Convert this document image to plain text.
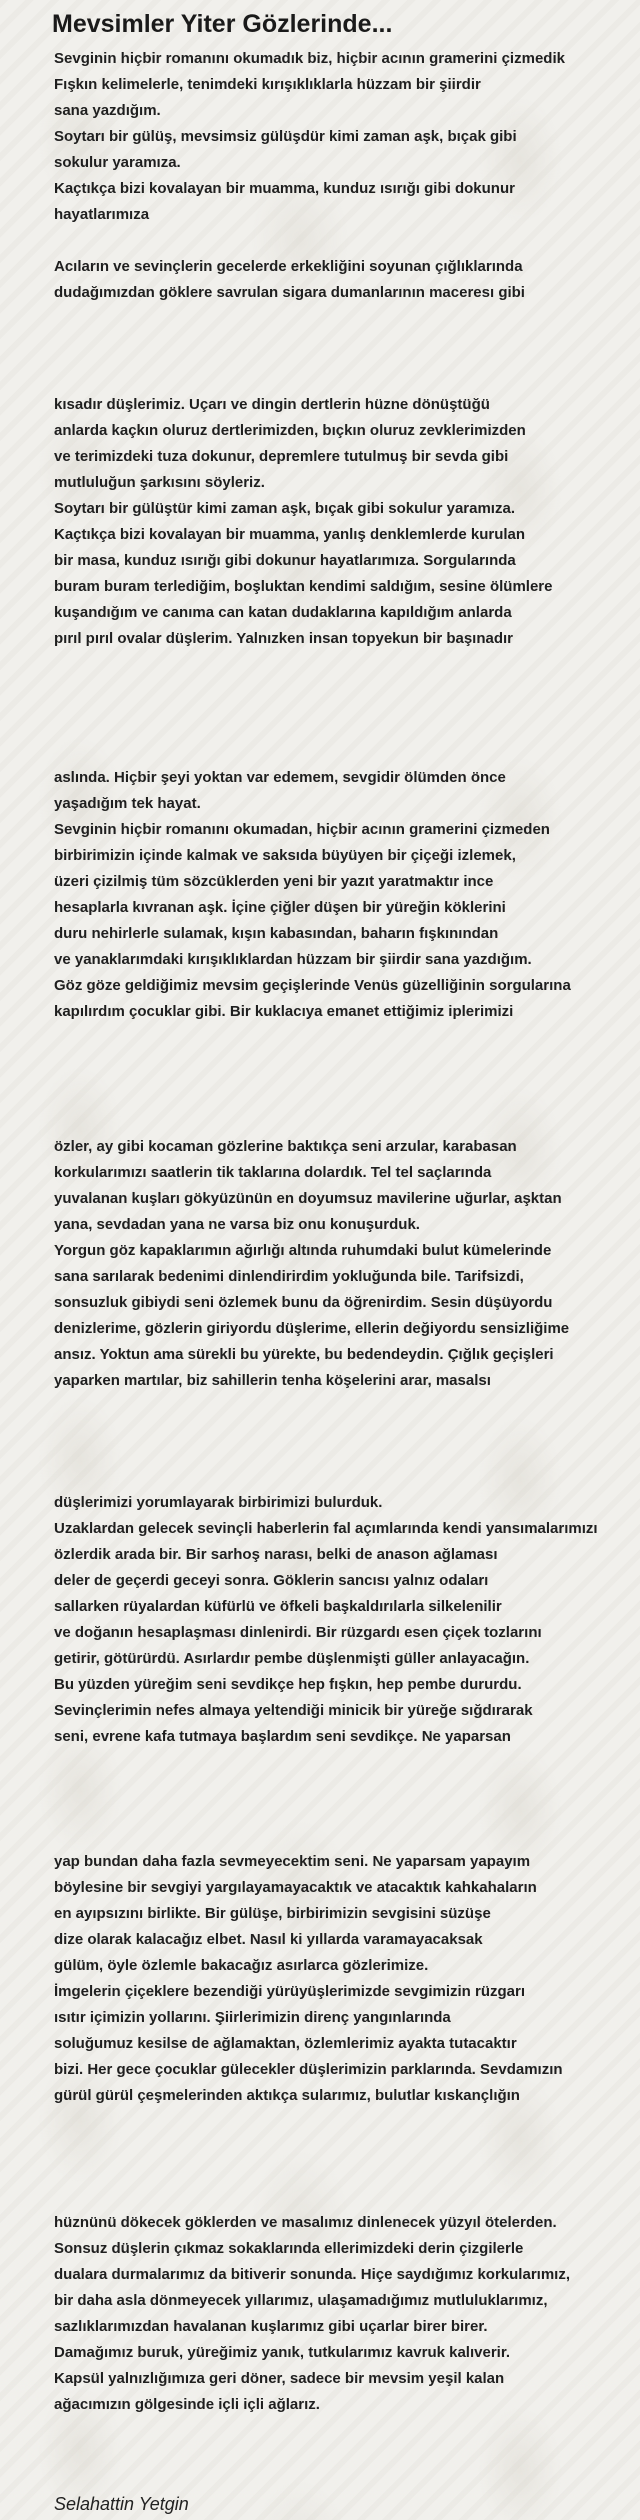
Mevsimler Yiter Gözlerinde...
Sevginin hiçbir romanını okumadık biz, hiçbir acının gramerini çizmedik
Fışkın kelimelerle, tenimdeki kırışıklıklarla hüzzam bir şiirdir
sana yazdığım.
Soytarı bir gülüş, mevsimsiz gülüşdür kimi zaman aşk, bıçak gibi
sokulur yaramıza.
Kaçtıkça bizi kovalayan bir muamma, kunduz ısırığı gibi dokunur
hayatlarımıza
Acıların ve sevinçlerin gecelerde erkekliğini soyunan çığlıklarında
dudağımızdan göklere savrulan sigara dumanlarının maceresı gibi
kısadır düşlerimiz. Uçarı ve dingin dertlerin hüzne dönüştüğü
anlarda kaçkın oluruz dertlerimizden, bıçkın oluruz zevklerimizden
ve terimizdeki tuza dokunur, depremlere tutulmuş bir sevda gibi
mutluluğun şarkısını söyleriz.
Soytarı bir gülüştür kimi zaman aşk, bıçak gibi sokulur yaramıza.
Kaçtıkça bizi kovalayan bir muamma, yanlış denklemlerde kurulan
bir masa, kunduz ısırığı gibi dokunur hayatlarımıza. Sorgularında
buram buram terlediğim, boşluktan kendimi saldığım, sesine ölümlere
kuşandığım ve canıma can katan dudaklarına kapıldığım anlarda
pırıl pırıl ovalar düşlerim. Yalnızken insan topyekun bir başınadır
aslında. Hiçbir şeyi yoktan var edemem, sevgidir ölümden önce
yaşadığım tek hayat.
Sevginin hiçbir romanını okumadan, hiçbir acının gramerini çizmeden
birbirimizin içinde kalmak ve saksıda büyüyen bir çiçeği izlemek,
üzeri çizilmiş tüm sözcüklerden yeni bir yazıt yaratmaktır ince
hesaplarla kıvranan aşk. İçine çiğler düşen bir yüreğin köklerini
duru nehirlerle sulamak, kışın kabasından, baharın fışkınından
ve yanaklarımdaki kırışıklıklardan hüzzam bir şiirdir sana yazdığım.
Göz göze geldiğimiz mevsim geçişlerinde Venüs güzelliğinin sorgularına
kapılırdım çocuklar gibi. Bir kuklacıya emanet ettiğimiz iplerimizi
özler, ay gibi kocaman gözlerine baktıkça seni arzular, karabasan
korkularımızı saatlerin tik taklarına dolardık. Tel tel saçlarında
yuvalanan kuşları gökyüzünün en doyumsuz mavilerine uğurlar, aşktan
yana, sevdadan yana ne varsa biz onu konuşurduk.
Yorgun göz kapaklarımın ağırlığı altında ruhumdaki bulut kümelerinde
sana sarılarak bedenimi dinlendirirdim yokluğunda bile. Tarifsizdi,
sonsuzluk gibiydi seni özlemek bunu da öğrenirdim. Sesin düşüyordu
denizlerime, gözlerin giriyordu düşlerime, ellerin değiyordu sensizliğime
ansız. Yoktun ama sürekli bu yürekte, bu bedendeydin. Çığlık geçişleri
yaparken martılar, biz sahillerin tenha köşelerini arar, masalsı
düşlerimizi yorumlayarak birbirimizi bulurduk.
Uzaklardan gelecek sevinçli haberlerin fal açımlarında kendi yansımalarımızı
özlerdik arada bir. Bir sarhoş narası, belki de anason ağlaması
deler de geçerdi geceyi sonra. Göklerin sancısı yalnız odaları
sallarken rüyalardan küfürlü ve öfkeli başkaldırılarla silkelenilir
ve doğanın hesaplaşması dinlenirdi. Bir rüzgardı esen çiçek tozlarını
getirir, götürürdü. Asırlardır pembe düşlenmişti güller anlayacağın.
Bu yüzden yüreğim seni sevdikçe hep fışkın, hep pembe dururdu.
Sevinçlerimin nefes almaya yeltendiği minicik bir yüreğe sığdırarak
seni, evrene kafa tutmaya başlardım seni sevdikçe. Ne yaparsan
yap bundan daha fazla sevmeyecektim seni. Ne yaparsam yapayım
böylesine bir sevgiyi yargılayamayacaktık ve atacaktık kahkahaların
en ayıpsızını birlikte. Bir gülüşe, birbirimizin sevgisini süzüşe
dize olarak kalacağız elbet. Nasıl ki yıllarda varamayacaksak
gülüm, öyle özlemle bakacağız asırlarca gözlerimize.
İmgelerin çiçeklere bezendiği yürüyüşlerimizde sevgimizin rüzgarı
ısıtır içimizin yollarını. Şiirlerimizin direnç yangınlarında
soluğumuz kesilse de ağlamaktan, özlemlerimiz ayakta tutacaktır
bizi. Her gece çocuklar gülecekler düşlerimizin parklarında. Sevdamızın
gürül gürül çeşmelerinden aktıkça sularımız, bulutlar kıskançlığın
hüznünü dökecek göklerden ve masalımız dinlenecek yüzyıl ötelerden.
Sonsuz düşlerin çıkmaz sokaklarında ellerimizdeki derin çizgilerle
dualara durmalarımız da bitiverir sonunda. Hiçe saydığımız korkularımız,
bir daha asla dönmeyecek yıllarımız, ulaşamadığımız mutluluklarımız,
sazlıklarımızdan havalanan kuşlarımız gibi uçarlar birer birer.
Damağımız buruk, yüreğimiz yanık, tutkularımız kavruk kalıverir.
Kapsül yalnızlığımıza geri döner, sadece bir mevsim yeşil kalan
ağacımızın gölgesinde içli içli ağlarız.
Selahattin Yetgin
